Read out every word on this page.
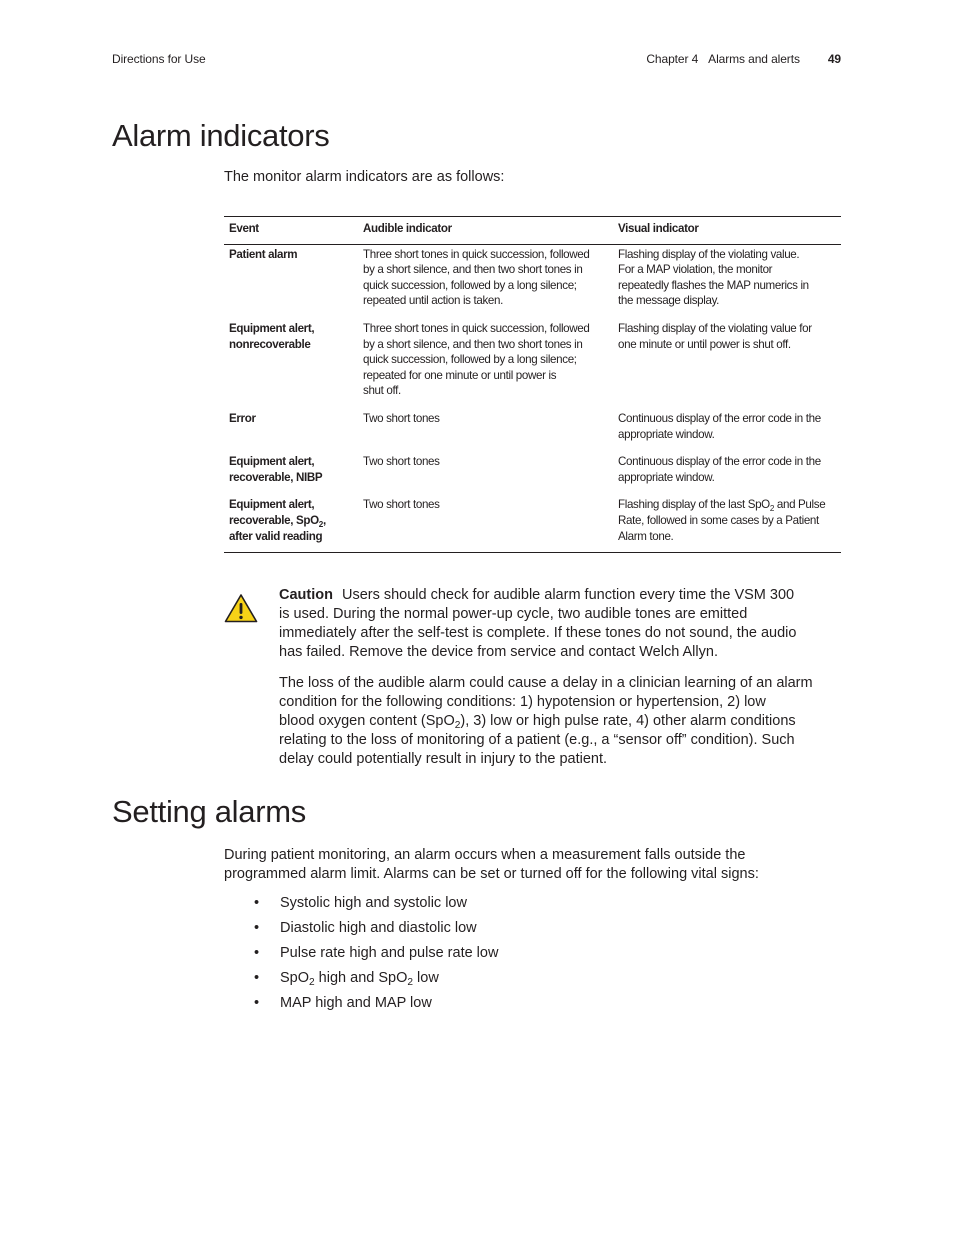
Directions for Use	Chapter 4 Alarms and alerts 49
Alarm indicators
The monitor alarm indicators are as follows:
Event	Audible indicator	Visual indicator

Patient alarm	Three short tones in quick succession, followed
by a short silence, and then two short tones in
quick succession, followed by a long silence;
repeated until action is taken.	Flashing display of the violating value.
For a MAP violation, the monitor
repeatedly flashes the MAP numerics in
the message display.

Equipment alert,
nonrecoverable	Three short tones in quick succession, followed
by a short silence, and then two short tones in
quick succession, followed by a long silence;
repeated for one minute or until power is
shut off.	Flashing display of the violating value for
one minute or until power is shut off.

Error	Two short tones	Continuous display of the error code in the
appropriate window.

Equipment alert,
recoverable, NIBP	Two short tones	Continuous display of the error code in the
appropriate window.

Equipment alert,
recoverable, SpO$_2$,
after valid reading	Two short tones	Flashing display of the last SpO$_2$ and Pulse
Rate, followed in some cases by a Patient
Alarm tone.

Caution Users should check for audible alarm function every time the VSM 300
is used. During the normal power-up cycle, two audible tones are emitted
immediately after the self-test is complete. If these tones do not sound, the audio
has failed. Remove the device from service and contact Welch Allyn.

The loss of the audible alarm could cause a delay in a clinician learning of an alarm
condition for the following conditions: 1) hypotension or hypertension, 2) low
blood oxygen content (SpO$_2$), 3) low or high pulse rate, 4) other alarm conditions
relating to the loss of monitoring of a patient (e.g., a “sensor off” condition). Such
delay could potentially result in injury to the patient.

Setting alarms
During patient monitoring, an alarm occurs when a measurement falls outside the
programmed alarm limit. Alarms can be set or turned off for the following vital signs:
•	Systolic high and systolic low
•	Diastolic high and diastolic low
•	Pulse rate high and pulse rate low
•	SpO$_2$ high and SpO$_2$ low
•	MAP high and MAP low
